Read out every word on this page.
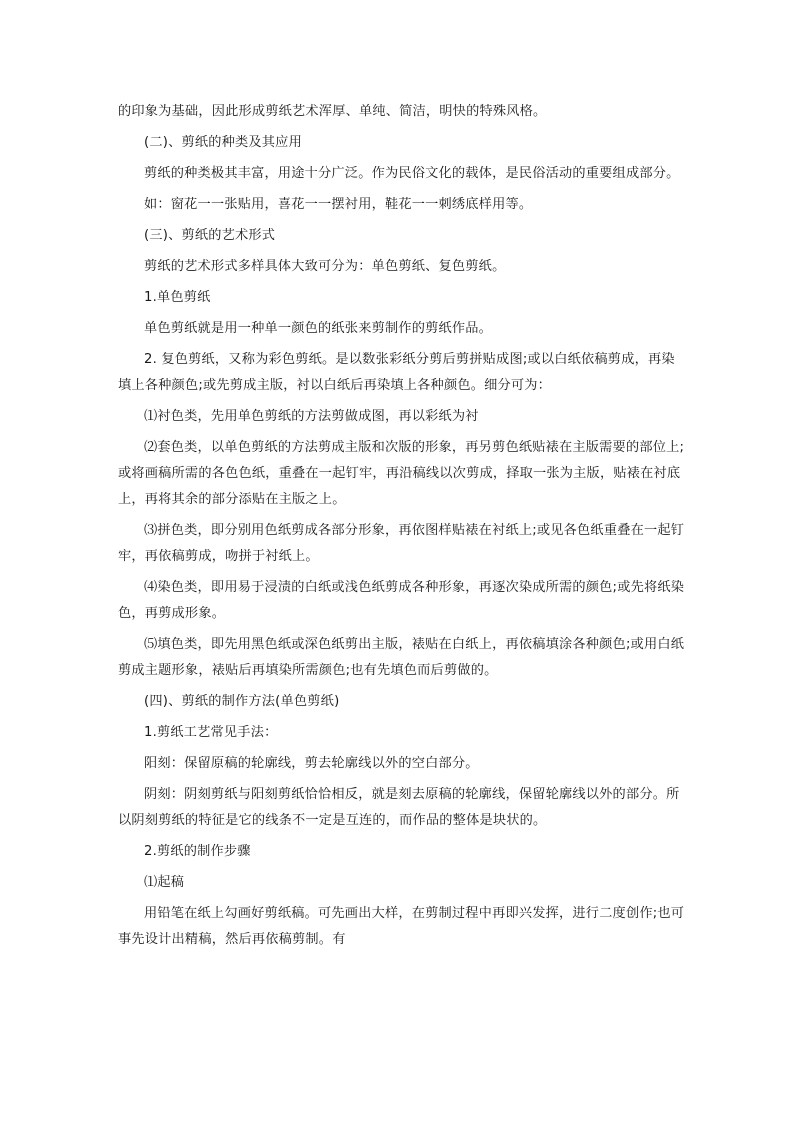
的印象为基础，因此形成剪纸艺术浑厚、单纯、简洁，明快的特殊风格。

(二)、剪纸的种类及其应用

剪纸的种类极其丰富，用途十分广泛。作为民俗文化的载体，是民俗活动的重要组成部分。

如：窗花一一张贴用，喜花一一摆衬用，鞋花一一刺绣底样用等。

(三)、剪纸的艺术形式

剪纸的艺术形式多样具体大致可分为：单色剪纸、复色剪纸。

1.单色剪纸

单色剪纸就是用一种单一颜色的纸张来剪制作的剪纸作品。

2. 复色剪纸，又称为彩色剪纸。是以数张彩纸分剪后剪拼贴成图;或以白纸依稿剪成，再染填上各种颜色;或先剪成主版，衬以白纸后再染填上各种颜色。细分可为：

⑴衬色类，先用单色剪纸的方法剪做成图，再以彩纸为衬

⑵套色类，以单色剪纸的方法剪成主版和次版的形象，再另剪色纸贴裱在主版需要的部位上;或将画稿所需的各色色纸，重叠在一起钉牢，再沿稿线以次剪成，择取一张为主版，贴裱在衬底上，再将其余的部分添贴在主版之上。

⑶拼色类，即分别用色纸剪成各部分形象，再依图样贴裱在衬纸上;或见各色纸重叠在一起钉牢，再依稿剪成，吻拼于衬纸上。

⑷染色类，即用易于浸渍的白纸或浅色纸剪成各种形象，再逐次染成所需的颜色;或先将纸染色，再剪成形象。

⑸填色类，即先用黑色纸或深色纸剪出主版，裱贴在白纸上，再依稿填涂各种颜色;或用白纸剪成主题形象，裱贴后再填染所需颜色;也有先填色而后剪做的。

(四)、剪纸的制作方法(单色剪纸)

1.剪纸工艺常见手法：

阳刻：保留原稿的轮廓线，剪去轮廓线以外的空白部分。

阴刻：阴刻剪纸与阳刻剪纸恰恰相反，就是刻去原稿的轮廓线，保留轮廓线以外的部分。所以阴刻剪纸的特征是它的线条不一定是互连的，而作品的整体是块状的。

2.剪纸的制作步骤

⑴起稿

用铅笔在纸上勾画好剪纸稿。可先画出大样，在剪制过程中再即兴发挥，进行二度创作;也可事先设计出精稿，然后再依稿剪制。有
